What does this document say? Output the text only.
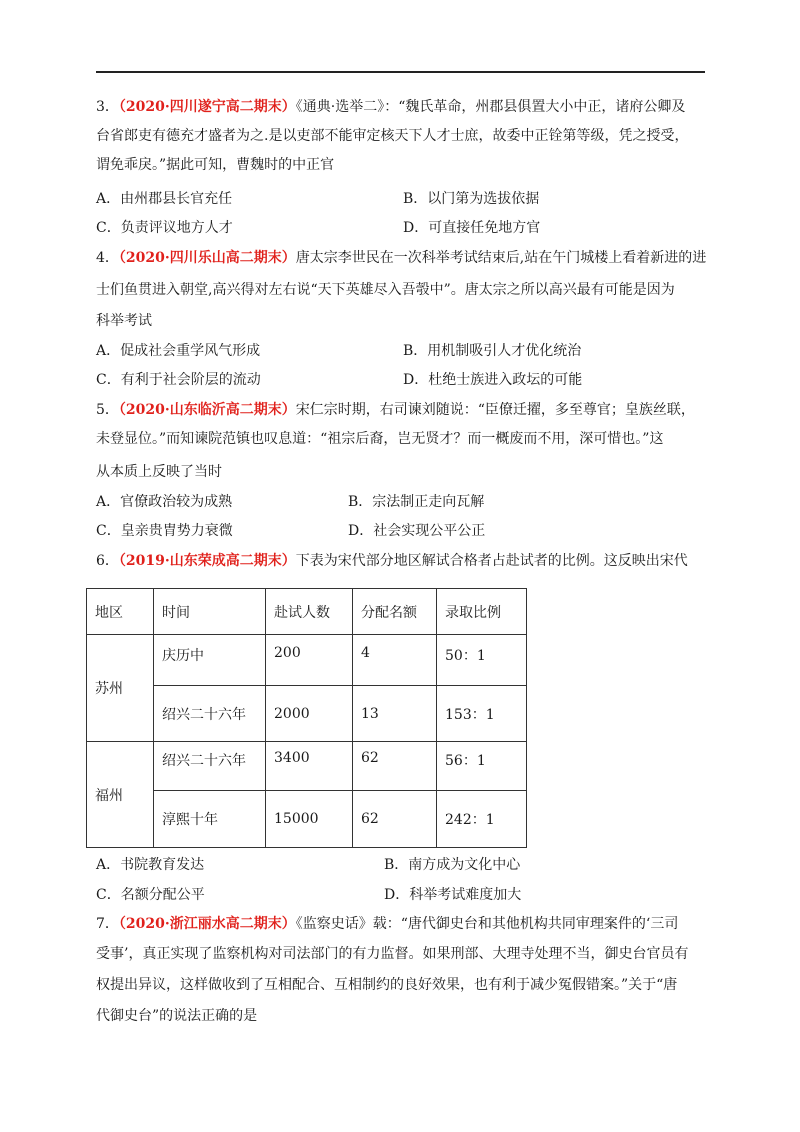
3．（2020·四川遂宁高二期末）《通典·选举二》：“魏氏革命，州郡县俱置大小中正，诸府公卿及
台省郎吏有德充才盛者为之.是以吏部不能审定核天下人才士庶，故委中正铨第等级，凭之授受，
谓免乖戾。”据此可知，曹魏时的中正官
A．由州郡县长官充任	B．以门第为选拔依据
C．负责评议地方人才	D．可直接任免地方官
4．（2020·四川乐山高二期末）唐太宗李世民在一次科举考试结束后,站在午门城楼上看着新进的进
士们鱼贯进入朝堂,高兴得对左右说“天下英雄尽入吾彀中”。唐太宗之所以高兴最有可能是因为
科举考试
A．促成社会重学风气形成	B．用机制吸引人才优化统治
C．有利于社会阶层的流动	D．杜绝士族进入政坛的可能
5．（2020·山东临沂高二期末）宋仁宗时期，右司谏刘随说：“臣僚迁擢，多至尊官；皇族丝联，
未登显位。”而知谏院范镇也叹息道：“祖宗后裔，岂无贤才？而一概废而不用，深可惜也。”这
从本质上反映了当时
A．官僚政治较为成熟	B．宗法制正走向瓦解
C．皇亲贵胄势力衰微	D．社会实现公平公正
6．（2019·山东荣成高二期末）下表为宋代部分地区解试合格者占赴试者的比例。这反映出宋代
地区	时间	赴试人数	分配名额	录取比例
苏州	庆历中	200	4	50：1
	绍兴二十六年	2000	13	153：1
福州	绍兴二十六年	3400	62	56：1
	淳熙十年	15000	62	242：1
A．书院教育发达	B．南方成为文化中心
C．名额分配公平	D．科举考试难度加大
7．（2020·浙江丽水高二期末）《监察史话》载：“唐代御史台和其他机构共同审理案件的‘三司
受事’，真正实现了监察机构对司法部门的有力监督。如果刑部、大理寺处理不当，御史台官员有
权提出异议，这样做收到了互相配合、互相制约的良好效果，也有利于减少冤假错案。”关于“唐
代御史台”的说法正确的是
